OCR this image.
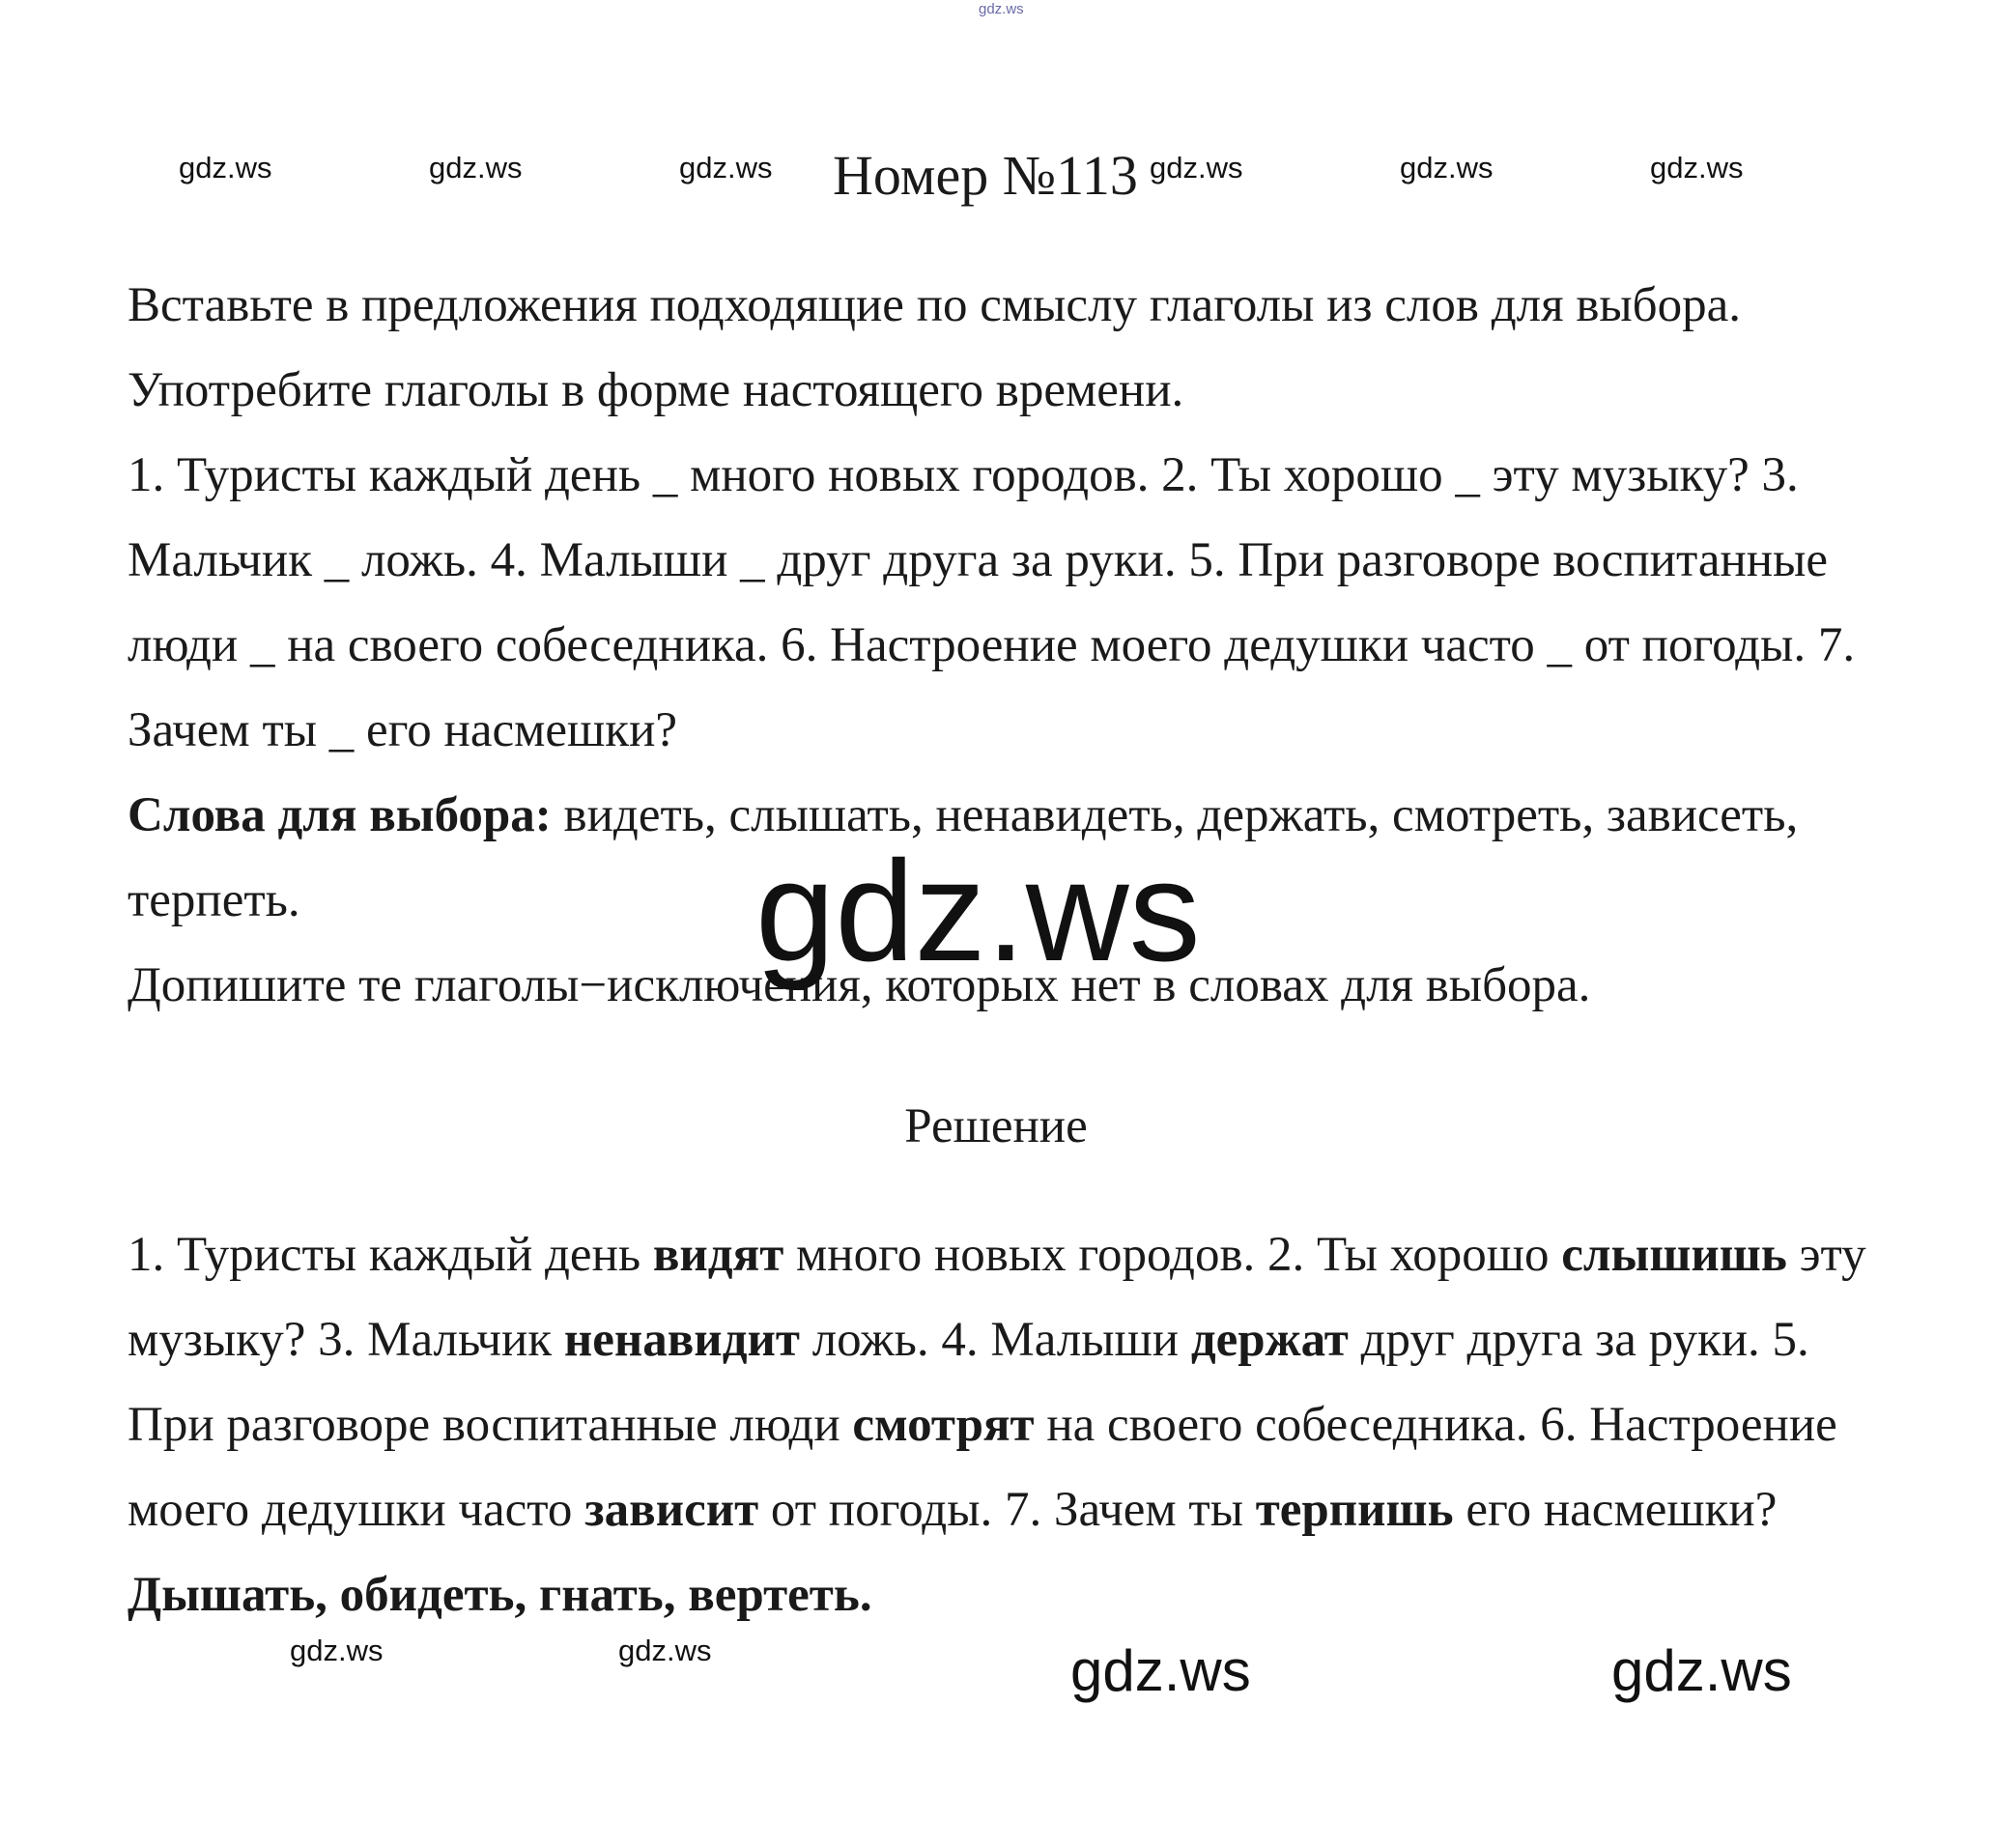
gdz.ws
gdz.ws	gdz.ws	gdz.ws	gdz.ws	gdz.ws	gdz.ws
Номер №113

Вставьте в предложения подходящие по смыслу глаголы из слов для выбора. Употребите глаголы в форме настоящего времени.

1. Туристы каждый день _ много новых городов. 2. Ты хорошо _ эту музыку? 3. Мальчик _ ложь. 4. Малыши _ друг друга за руки. 5. При разговоре воспитанные люди _ на своего собеседника. 6. Настроение моего дедушки часто _ от погоды. 7. Зачем ты _ его насмешки?

Слова для выбора: видеть, слышать, ненавидеть, держать, смотреть, зависеть, терпеть.

Допишите те глаголы−исключения, которых нет в словах для выбора.

gdz.ws
Решение

1. Туристы каждый день видят много новых городов. 2. Ты хорошо слышишь эту музыку? 3. Мальчик ненавидит ложь. 4. Малыши держат друг друга за руки. 5. При разговоре воспитанные люди смотрят на своего собеседника. 6. Настроение моего дедушки часто зависит от погоды. 7. Зачем ты терпишь его насмешки?

Дышать, обидеть, гнать, вертеть.

gdz.ws	gdz.ws	gdz.ws	gdz.ws
